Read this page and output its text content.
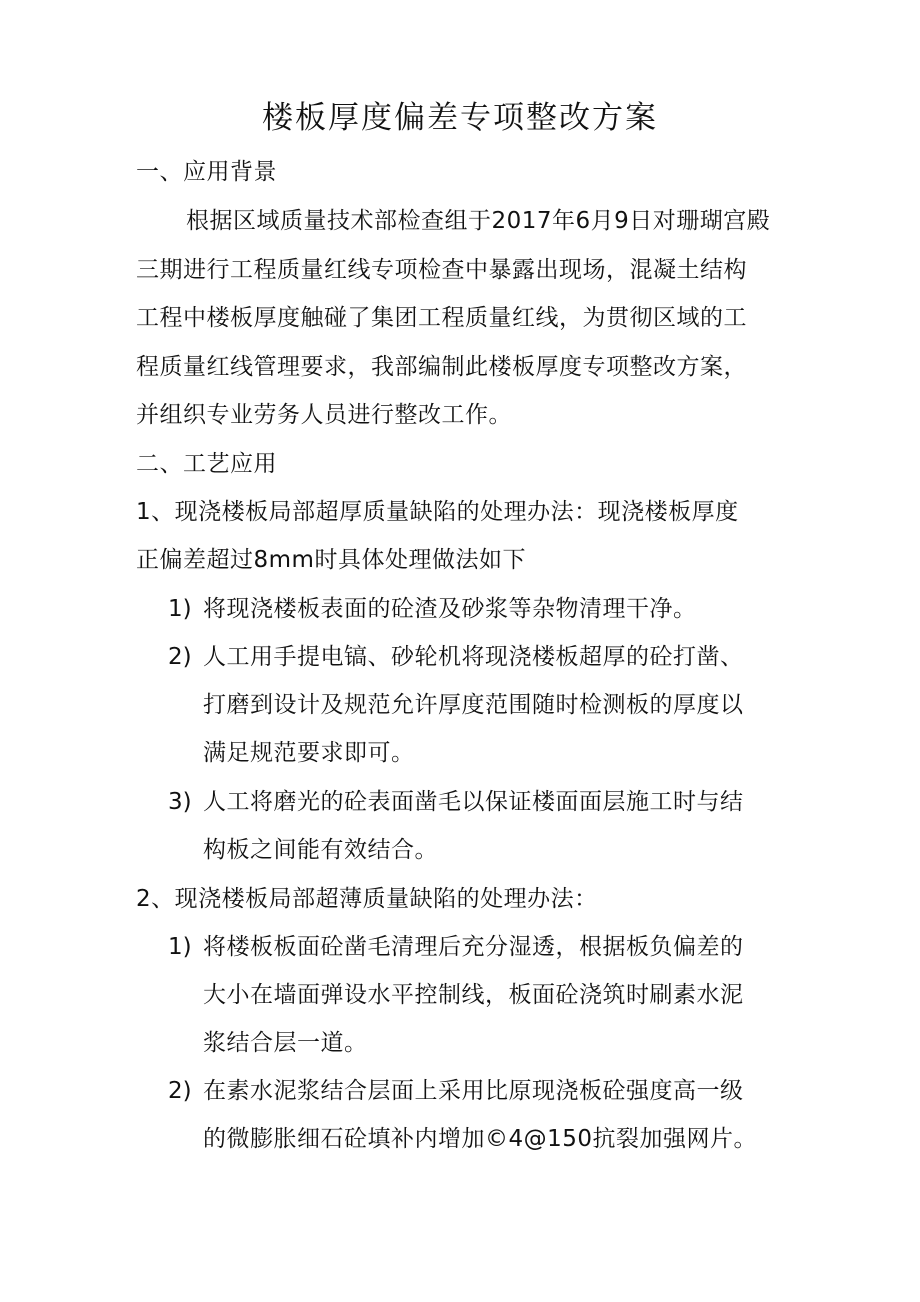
楼板厚度偏差专项整改方案
一、应用背景
根据区域质量技术部检查组于2017年6月9日对珊瑚宫殿
三期进行工程质量红线专项检查中暴露出现场，混凝土结构
工程中楼板厚度触碰了集团工程质量红线，为贯彻区域的工
程质量红线管理要求，我部编制此楼板厚度专项整改方案，
并组织专业劳务人员进行整改工作。
二、工艺应用
1、现浇楼板局部超厚质量缺陷的处理办法：现浇楼板厚度
正偏差超过8mm时具体处理做法如下
1) 将现浇楼板表面的砼渣及砂浆等杂物清理干净。
2) 人工用手提电镐、砂轮机将现浇楼板超厚的砼打凿、
打磨到设计及规范允许厚度范围随时检测板的厚度以
满足规范要求即可。
3) 人工将磨光的砼表面凿毛以保证楼面面层施工时与结
构板之间能有效结合。
2、现浇楼板局部超薄质量缺陷的处理办法：
1) 将楼板板面砼凿毛清理后充分湿透，根据板负偏差的
大小在墙面弹设水平控制线，板面砼浇筑时刷素水泥
浆结合层一道。
2) 在素水泥浆结合层面上采用比原现浇板砼强度高一级
的微膨胀细石砼填补内增加©4@150抗裂加强网片。
